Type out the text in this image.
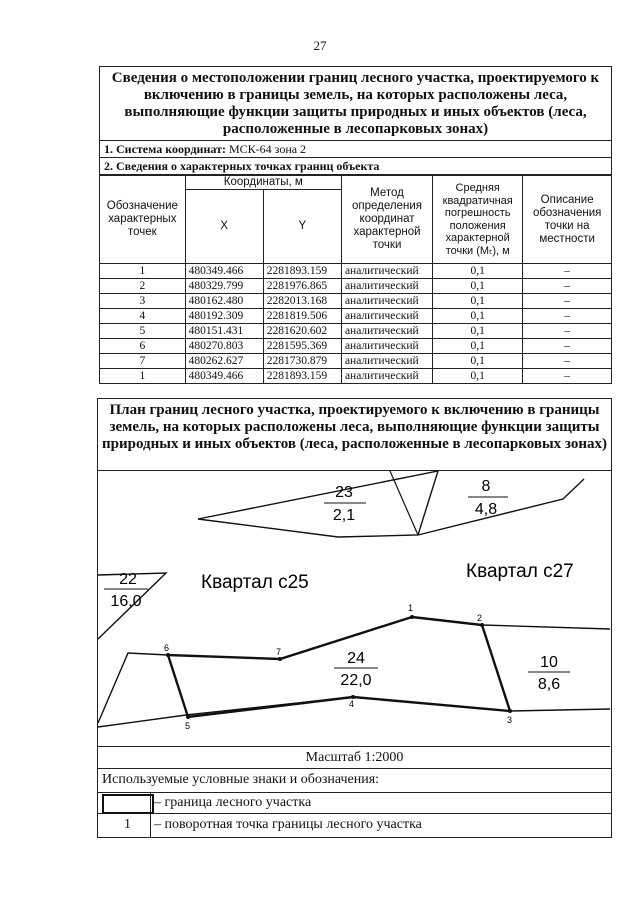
27
Сведения о местоположении границ лесного участка, проектируемого к включению в границы земель, на которых расположены леса, выполняющие функции защиты природных и иных объектов (леса, расположенные в лесопарковых зонах)
1. Система координат: МСК-64 зона 2
2. Сведения о характерных точках границ объекта
Обозначение характерных точек	Координаты, м		Метод определения координат характерной точки	Средняя квадратичная погрешность положения характерной точки (Mₜ), м	Описание обозначения точки на местности
	X	Y			
1	480349.466	2281893.159	аналитический	0,1	–
2	480329.799	2281976.865	аналитический	0,1	–
3	480162.480	2282013.168	аналитический	0,1	–
4	480192.309	2281819.506	аналитический	0,1	–
5	480151.431	2281620.602	аналитический	0,1	–
6	480270.803	2281595.369	аналитический	0,1	–
7	480262.627	2281730.879	аналитический	0,1	–
1	480349.466	2281893.159	аналитический	0,1	–
План границ лесного участка, проектируемого к включению в границы земель, на которых расположены леса, выполняющие функции защиты природных и иных объектов (леса, расположенные в лесопарковых зонах)
23
2,1
8
4,8
22
16,0
Квартал с25
Квартал с27
24
22,0
10
8,6
1
2
3
4
5
6	7
Масштаб 1:2000
Используемые условные знаки и обозначения:
– граница лесного участка
1 – поворотная точка границы лесного участка
